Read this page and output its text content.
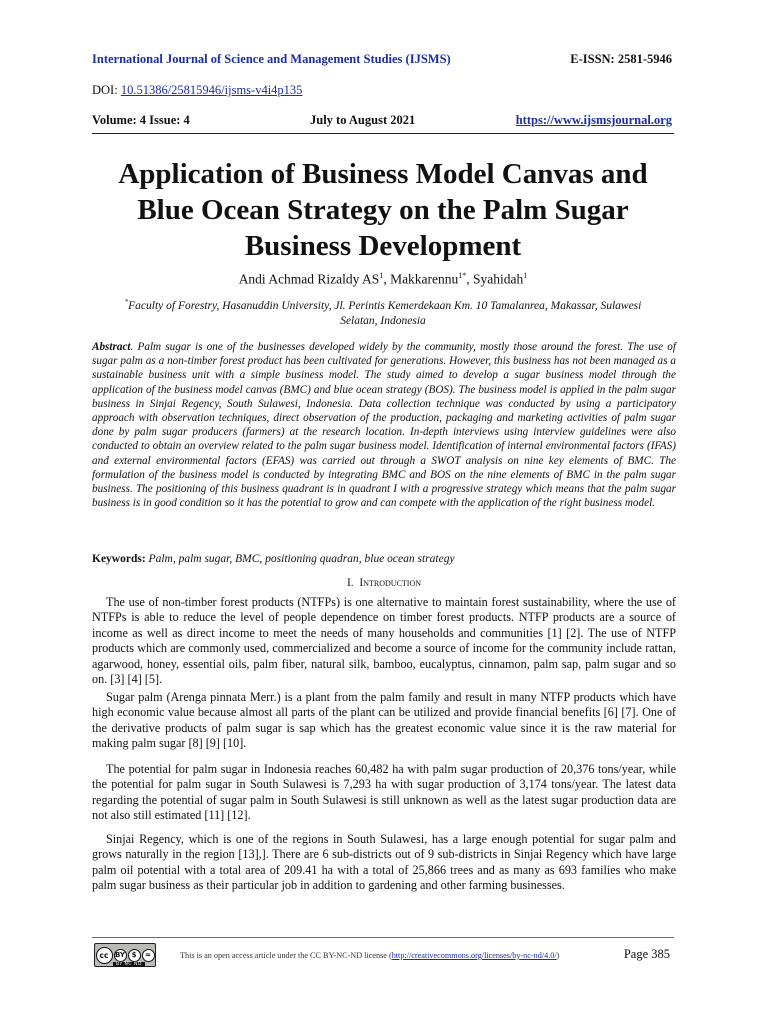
International Journal of Science and Management Studies (IJSMS)	E-ISSN: 2581-5946
DOI: 10.51386/25815946/ijsms-v4i4p135
Volume: 4 Issue: 4	July to August 2021	https://www.ijsmsjournal.org
Application of Business Model Canvas and Blue Ocean Strategy on the Palm Sugar Business Development
Andi Achmad Rizaldy $AS^1$, Makkarennu$^{1*}$, Syahidah$^1$
*Faculty of Forestry, Hasanuddin University, Jl. Perintis Kemerdekaan Km. 10 Tamalanrea, Makassar, Sulawesi Selatan, Indonesia

Abstract. Palm sugar is one of the businesses developed widely by the community, mostly those around the forest. The use of sugar palm as a non-timber forest product has been cultivated for generations. However, this business has not been managed as a sustainable business unit with a simple business model. The study aimed to develop a sugar business model through the application of the business model canvas (BMC) and blue ocean strategy (BOS). The business model is applied in the palm sugar business in Sinjai Regency, South Sulawesi, Indonesia. Data collection technique was conducted by using a participatory approach with observation techniques, direct observation of the production, packaging and marketing activities of palm sugar done by palm sugar producers (farmers) at the research location. In-depth interviews using interview guidelines were also conducted to obtain an overview related to the palm sugar business model. Identification of internal environmental factors (IFAS) and external environmental factors (EFAS) was carried out through a SWOT analysis on nine key elements of BMC. The formulation of the business model is conducted by integrating BMC and BOS on the nine elements of BMC in the palm sugar business. The positioning of this business quadrant is in quadrant I with a progressive strategy which means that the palm sugar business is in good condition so it has the potential to grow and can compete with the application of the right business model.

Keywords: Palm, palm sugar, BMC, positioning quadran, blue ocean strategy
I. Introduction

The use of non-timber forest products (NTFPs) is one alternative to maintain forest sustainability, where the use of NTFPs is able to reduce the level of people dependence on timber forest products. NTFP products are a source of income as well as direct income to meet the needs of many households and communities [1] [2]. The use of NTFP products which are commonly used, commercialized and become a source of income for the community include rattan, agarwood, honey, essential oils, palm fiber, natural silk, bamboo, eucalyptus, cinnamon, palm sap, palm sugar and so on. [3] [4] [5].

Sugar palm (Arenga pinnata Merr.) is a plant from the palm family and result in many NTFP products which have high economic value because almost all parts of the plant can be utilized and provide financial benefits [6] [7]. One of the derivative products of palm sugar is sap which has the greatest economic value since it is the raw material for making palm sugar [8] [9] [10].

The potential for palm sugar in Indonesia reaches 60,482 ha with palm sugar production of 20,376 tons/year, while the potential for palm sugar in South Sulawesi is 7,293 ha with sugar production of 3,174 tons/year. The latest data regarding the potential of sugar palm in South Sulawesi is still unknown as well as the latest sugar production data are not also still estimated [11] [12].

Sinjai Regency, which is one of the regions in South Sulawesi, has a large enough potential for sugar palm and grows naturally in the region [13],]. There are 6 sub-districts out of 9 sub-districts in Sinjai Regency which have large palm oil potential with a total area of 209.41 ha with a total of 25,866 trees and as many as 693 families who make palm sugar business as their particular job in addition to gardening and other farming businesses.

cc BY $	=
BY NC ND
This is an open access article under the CC BY-NC-ND license (http://creativecommons.org/licenses/by-nc-nd/4.0/)	Page 385
